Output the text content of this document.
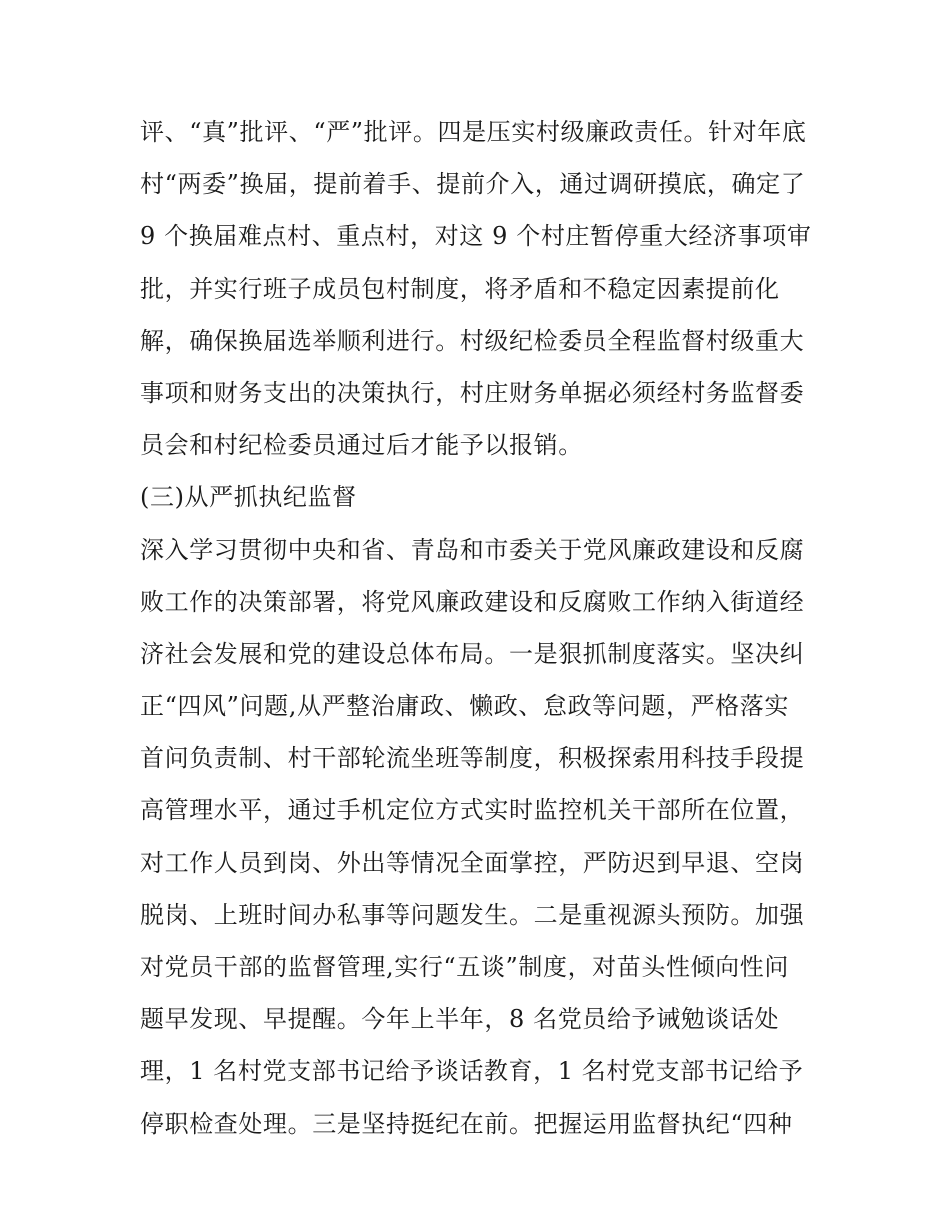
评、“真”批评、“严”批评。四是压实村级廉政责任。针对年底
村“两委”换届，提前着手、提前介入，通过调研摸底，确定了
9 个换届难点村、重点村，对这 9 个村庄暂停重大经济事项审
批，并实行班子成员包村制度，将矛盾和不稳定因素提前化
解，确保换届选举顺利进行。村级纪检委员全程监督村级重大
事项和财务支出的决策执行，村庄财务单据必须经村务监督委
员会和村纪检委员通过后才能予以报销。
(三)从严抓执纪监督
深入学习贯彻中央和省、青岛和市委关于党风廉政建设和反腐
败工作的决策部署，将党风廉政建设和反腐败工作纳入街道经
济社会发展和党的建设总体布局。一是狠抓制度落实。坚决纠
正“四风”问题,从严整治庸政、懒政、怠政等问题，严格落实
首问负责制、村干部轮流坐班等制度，积极探索用科技手段提
高管理水平，通过手机定位方式实时监控机关干部所在位置，
对工作人员到岗、外出等情况全面掌控，严防迟到早退、空岗
脱岗、上班时间办私事等问题发生。二是重视源头预防。加强
对党员干部的监督管理,实行“五谈”制度，对苗头性倾向性问
题早发现、早提醒。今年上半年，8 名党员给予诫勉谈话处
理，1 名村党支部书记给予谈话教育，1 名村党支部书记给予
停职检查处理。三是坚持挺纪在前。把握运用监督执纪“四种
